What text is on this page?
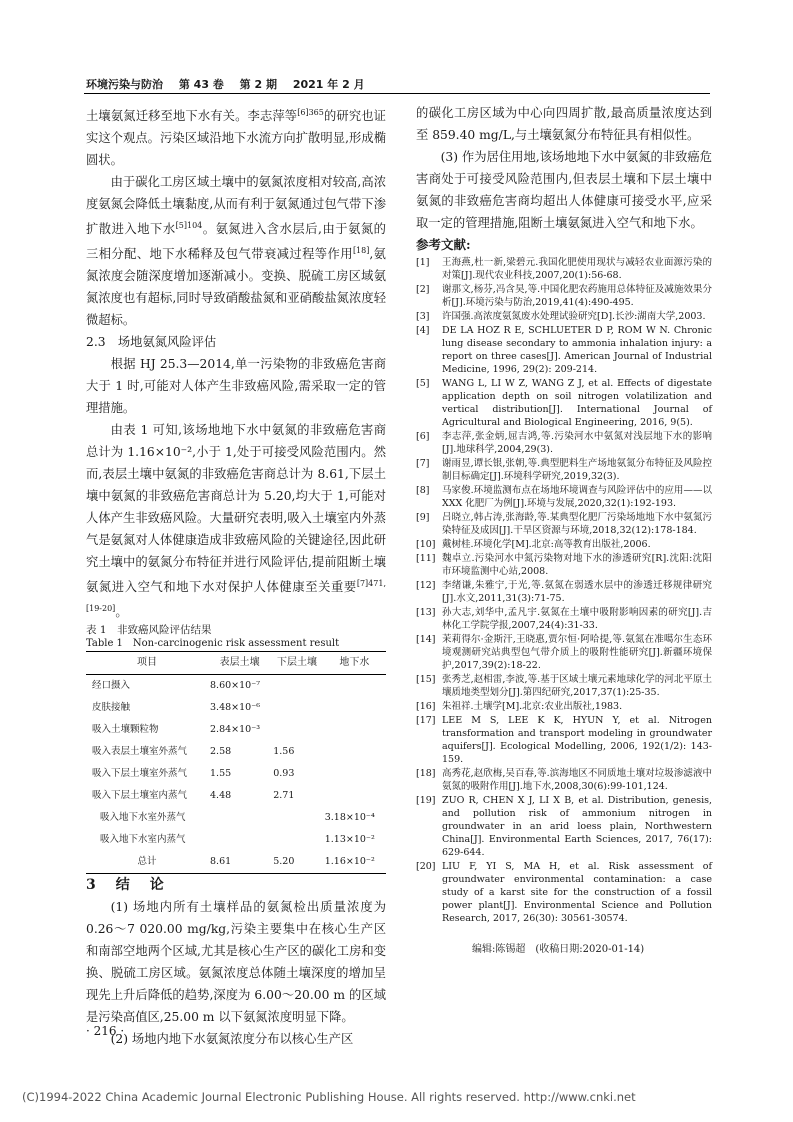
环境污染与防治 第 43 卷 第 2 期 2021 年 2 月

土壤氨氮迁移至地下水有关。李志萍等$^{[6]365}$的研究也证实这个观点。污染区域沿地下水流方向扩散明显,形成椭圆状。

由于碳化工房区域土壤中的氨氮浓度相对较高,高浓度氨氮会降低土壤黏度,从而有利于氨氮通过包气带下渗扩散进入地下水$^{[5]104}$。氨氮进入含水层后,由于氨氮的三相分配、地下水稀释及包气带衰减过程等作用[18],氨氮浓度会随深度增加逐渐减小。变换、脱硫工房区域氨氮浓度也有超标,同时导致硝酸盐氮和亚硝酸盐氮浓度轻微超标。

2.3　场地氨氮风险评估

根据 HJ 25.3—2014,单一污染物的非致癌危害商大于 1 时,可能对人体产生非致癌风险,需采取一定的管理措施。

由表 1 可知,该场地地下水中氨氮的非致癌危害商总计为 1.16×10⁻²,小于 1,处于可接受风险范围内。然而,表层土壤中氨氮的非致癌危害商总计为 8.61,下层土壤中氨氮的非致癌危害商总计为 5.20,均大于 1,可能对人体产生非致癌风险。大量研究表明,吸入土壤室内外蒸气是氨氮对人体健康造成非致癌风险的关键途径,因此研究土壤中的氨氮分布特征并进行风险评估,提前阻断土壤氨氮进入空气和地下水对保护人体健康至关重要[7]471,[19-20]。

表 1　非致癌风险评估结果

Table 1　Non-carcinogenic risk assessment result

项目	表层土壤	下层土壤	地下水
经口摄入	8.60×10⁻⁷		
皮肤接触	3.48×10⁻⁶		
吸入土壤颗粒物	2.84×10⁻³		
吸入表层土壤室外蒸气	2.58	1.56	
吸入下层土壤室外蒸气	1.55	0.93	
吸入下层土壤室内蒸气	4.48	2.71	
吸入地下水室外蒸气			3.18×10⁻⁴
吸入地下水室内蒸气			1.13×10⁻²
总计	8.61	5.20	1.16×10⁻²

3　结　论

(1) 场地内所有土壤样品的氨氮检出质量浓度为 0.26～7 020.00 mg/kg,污染主要集中在核心生产区和南部空地两个区域,尤其是核心生产区的碳化工房和变换、脱硫工房区域。氨氮浓度总体随土壤深度的增加呈现先上升后降低的趋势,深度为 6.00～20.00 m 的区域是污染高值区,25.00 m 以下氨氮浓度明显下降。

(2) 场地内地下水氨氮浓度分布以核心生产区

的碳化工房区域为中心向四周扩散,最高质量浓度达到至 859.40 mg/L,与土壤氨氮分布特征具有相似性。

(3) 作为居住用地,该场地地下水中氨氮的非致癌危害商处于可接受风险范围内,但表层土壤和下层土壤中氨氮的非致癌危害商均超出人体健康可接受水平,应采取一定的管理措施,阻断土壤氨氮进入空气和地下水。

参考文献:

[1]	王海燕,杜一新,梁碧元.我国化肥使用现状与减轻农业面源污染的对策[J].现代农业科技,2007,20(1):56-68.
[2]	谢那文,杨芬,冯含昊,等.中国化肥农药施用总体特征及减施效果分析[J].环境污染与防治,2019,41(4):490-495.
[3]	许国强.高浓度氨氮废水处理试验研究[D].长沙:湖南大学,2003.
[4]	DE LA HOZ R E, SCHLUETER D P, ROM W N. Chronic lung disease secondary to ammonia inhalation injury: a report on three cases[J]. American Journal of Industrial Medicine, 1996, 29(2): 209-214.
[5]	WANG L, LI W Z, WANG Z J, et al. Effects of digestate application depth on soil nitrogen volatilization and vertical distribution[J]. International Journal of Agricultural and Biological Engineering, 2016, 9(5).
[6]	李志萍,张金炳,屈吉鸿,等.污染河水中氨氮对浅层地下水的影响[J].地球科学,2004,29(3).
[7]	谢雨昱,谭长银,张朝,等.典型肥料生产场地氨氮分布特征及风险控制目标确定[J].环境科学研究,2019,32(3).
[8]	马家俊.环境监测布点在场地环境调查与风险评估中的应用——以 XXX 化肥厂为例[J].环境与发展,2020,32(1):192-193.
[9]	吕晓立,韩占涛,张海龄,等.某典型化肥厂污染场地地下水中氨氮污染特征及成因[J].干旱区资源与环境,2018,32(12):178-184.
[10] 戴树桂.环境化学[M].北京:高等教育出版社,2006.
[11] 魏卓立.污染河水中氮污染物对地下水的渗透研究[R].沈阳:沈阳市环境监测中心站,2008.
[12] 李绪谦,朱雅宁,于光,等.氨氮在弱透水层中的渗透迁移规律研究[J].水文,2011,31(3):71-75.
[13] 孙大志,刘华中,孟凡宇.氨氮在土壤中吸附影响因素的研究[J].吉林化工学院学报,2007,24(4):31-33.
[14] 茉莉得尔·金斯汗,王晓惠,贾尔恒·阿哈提,等.氨氮在准噶尔生态环境观测研究站典型包气带介质上的吸附性能研究[J].新疆环境保护,2017,39(2):18-22.
[15] 张秀芝,赵相雷,李波,等.基于区域土壤元素地球化学的河北平原土壤质地类型划分[J].第四纪研究,2017,37(1):25-35.
[16] 朱祖祥.土壤学[M].北京:农业出版社,1983.
[17] LEE M S, LEE K K, HYUN Y, et al. Nitrogen transformation and transport modeling in groundwater aquifers[J]. Ecological Modelling, 2006, 192(1/2): 143-159.
[18] 高秀花,赵欣梅,吴百春,等.滨海地区不同质地土壤对垃圾渗滤液中氨氮的吸附作用[J].地下水,2008,30(6):99-101,124.
[19] ZUO R, CHEN X J, LI X B, et al. Distribution, genesis, and pollution risk of ammonium nitrogen in groundwater in an arid loess plain, Northwestern China[J]. Environmental Earth Sciences, 2017, 76(17): 629-644.
[20] LIU F, YI S, MA H, et al. Risk assessment of groundwater environmental contamination: a case study of a karst site for the construction of a fossil power plant[J]. Environmental Science and Pollution Research, 2017, 26(30): 30561-30574.
编辑:陈锡超　(收稿日期:2020-01-14)
· 216 ·
(C)1994-2022 China Academic Journal Electronic Publishing House. All rights reserved. http://www.cnki.net
